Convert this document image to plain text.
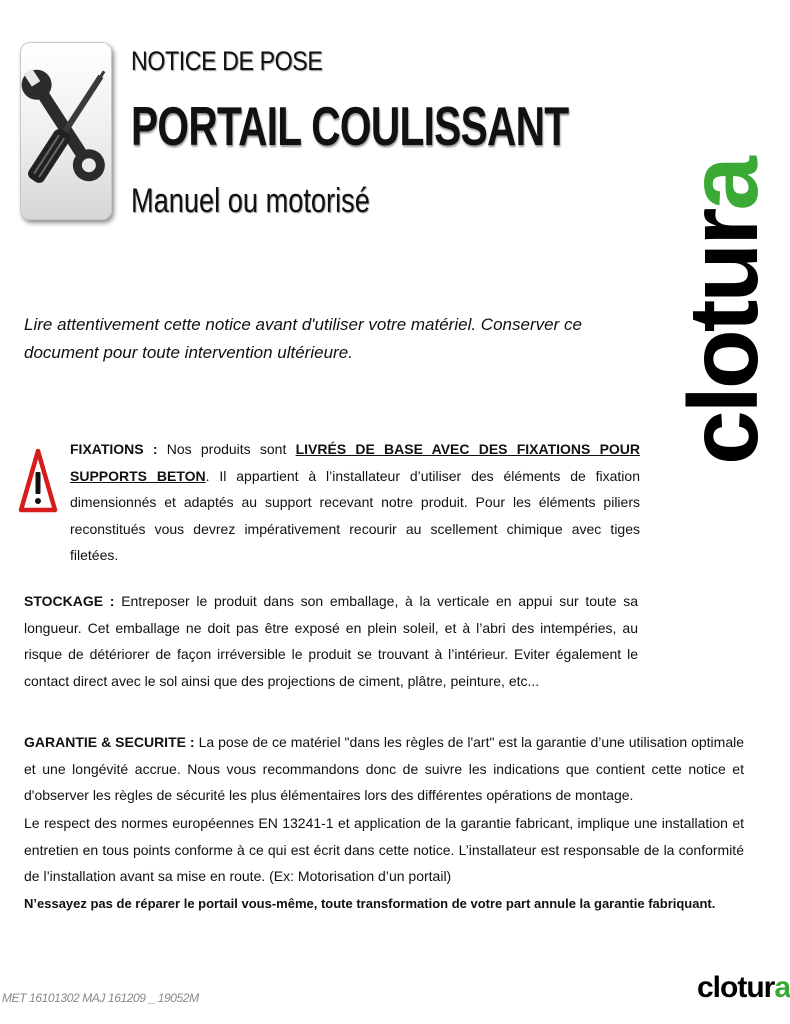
NOTICE DE POSE
PORTAIL COULISSANT
Manuel ou motorisé
clotura

Lire attentivement cette notice avant d'utiliser votre matériel. Conserver ce document pour toute intervention ultérieure.

FIXATIONS : Nos produits sont LIVRÉS DE BASE AVEC DES FIXATIONS POUR SUPPORTS BETON. Il appartient à l’installateur d’utiliser des éléments de fixation dimensionnés et adaptés au support recevant notre produit. Pour les éléments piliers reconstitués vous devrez impérativement recourir au scellement chimique avec tiges filetées.

STOCKAGE : Entreposer le produit dans son emballage, à la verticale en appui sur toute sa longueur. Cet emballage ne doit pas être exposé en plein soleil, et à l’abri des intempéries, au risque de détériorer de façon irréversible le produit se trouvant à l’intérieur. Eviter également le contact direct avec le sol ainsi que des projections de ciment, plâtre, peinture, etc...

GARANTIE & SECURITE : La pose de ce matériel "dans les règles de l'art" est la garantie d’une utilisation optimale et une longévité accrue. Nous vous recommandons donc de suivre les indications que contient cette notice et d'observer les règles de sécurité les plus élémentaires lors des différentes opérations de montage.

Le respect des normes européennes EN 13241-1 et application de la garantie fabricant, implique une installation et entretien en tous points conforme à ce qui est écrit dans cette notice. L’installateur est responsable de la conformité de l’installation avant sa mise en route. (Ex: Motorisation d’un portail)

N’essayez pas de réparer le portail vous-même, toute transformation de votre part annule la garantie fabriquant.

MET 16101302 MAJ 161209 _ 19052M	clotura
